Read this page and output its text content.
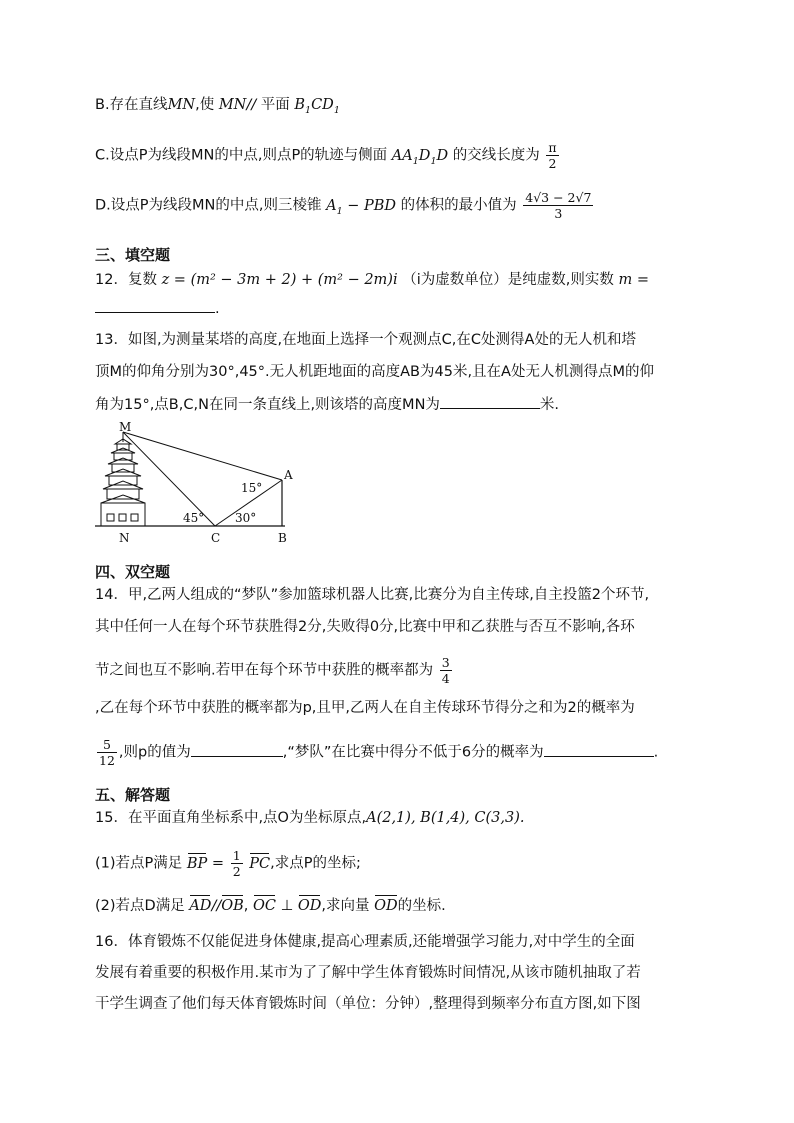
B.存在直线MN,使 MN// 平面 $B_1CD_1$
C.设点P为线段MN的中点,则点P的轨迹与侧面 $AA_1D_1D$ 的交线长度为 $\frac{\pi}{2}$
D.设点P为线段MN的中点,则三棱锥 $A_1$ − PBD 的体积的最小值为 $\frac{4√3 - 2√7}{3}$
三、填空题
12．复数 z = (m² − 3m + 2) + (m² − 2m)i （i为虚数单位）是纯虚数,则实数 m =
.
13．如图,为测量某塔的高度,在地面上选择一个观测点C,在C处测得A处的无人机和塔
顶M的仰角分别为30°,45°.无人机距地面的高度AB为45米,且在A处无人机测得点M的仰
角为15°,点B,C,N在同一条直线上,则该塔的高度MN为	米.
M
A
N	C	B
15°
45°	30°
四、双空题
14．甲,乙两人组成的“梦队”参加篮球机器人比赛,比赛分为自主传球,自主投篮2个环节,
其中任何一人在每个环节获胜得2分,失败得0分,比赛中甲和乙获胜与否互不影响,各环
节之间也互不影响.若甲在每个环节中获胜的概率都为 $\frac{3}{4}$
,乙在每个环节中获胜的概率都为p,且甲,乙两人在自主传球环节得分之和为2的概率为
$\frac{5}{12}$ ,则p的值为	,“梦队”在比赛中得分不低于6分的概率为	.
五、解答题
15．在平面直角坐标系中,点O为坐标原点,A(2,1), B(1,4), C(3,3).
(1)若点P满足 BP = $\frac{1}{2}$ PC,求点P的坐标;
(2)若点D满足 AD//OB, OC ⊥ OD,求向量 OD的坐标.
16．体育锻炼不仅能促进身体健康,提高心理素质,还能增强学习能力,对中学生的全面
发展有着重要的积极作用.某市为了了解中学生体育锻炼时间情况,从该市随机抽取了若
干学生调查了他们每天体育锻炼时间（单位：分钟）,整理得到频率分布直方图,如下图
